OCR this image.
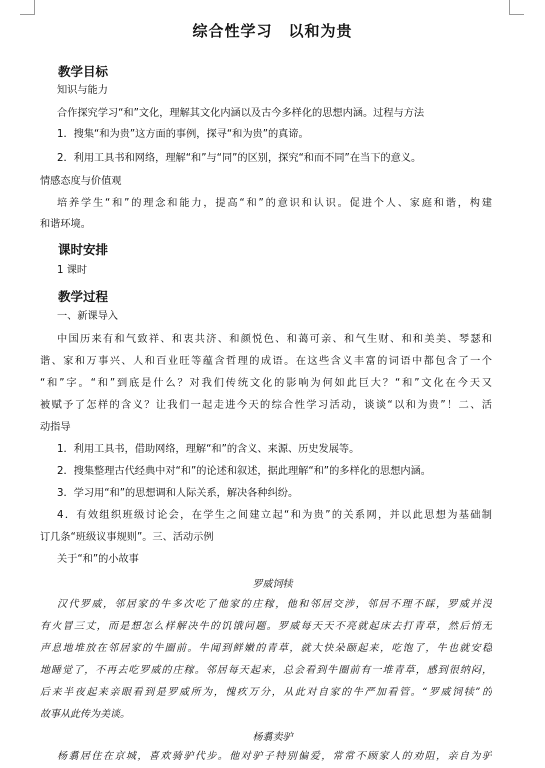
综合性学习　以和为贵
教学目标
知识与能力
合作探究学习“和”文化，理解其文化内涵以及古今多样化的思想内涵。过程与方法
1．搜集“和为贵”这方面的事例，探寻“和为贵”的真谛。
2．利用工具书和网络，理解“和”与“同”的区别，探究“和而不同”在当下的意义。
情感态度与价值观
培养学生“和”的理念和能力，提高“和”的意识和认识。促进个人、家庭和谐，构建
和谐环境。
课时安排
1 课时
教学过程
一、新课导入
中国历来有和气致祥、和衷共济、和颜悦色、和蔼可亲、和气生财、和和美美、琴瑟和
谐、家和万事兴、人和百业旺等蕴含哲理的成语。在这些含义丰富的词语中都包含了一个
“和”字。“和”到底是什么？对我们传统文化的影响为何如此巨大？“和”文化在今天又
被赋予了怎样的含义？让我们一起走进今天的综合性学习活动，谈谈“以和为贵”！二、活
动指导
1．利用工具书，借助网络，理解“和”的含义、来源、历史发展等。
2．搜集整理古代经典中对“和”的论述和叙述，据此理解“和”的多样化的思想内涵。
3．学习用“和”的思想调和人际关系，解决各种纠纷。
4．有效组织班级讨论会，在学生之间建立起“和为贵”的关系网，并以此思想为基础制
订几条“班级议事规则”。三、活动示例
关于“和”的小故事
罗威饲犊
汉代罗威，邻居家的牛多次吃了他家的庄稼，他和邻居交涉，邻居不理不睬，罗威并没
有火冒三丈，而是想怎么样解决牛的饥饿问题。罗威每天天不亮就起床去打青草，然后悄无
声息地堆放在邻居家的牛圈前。牛闻到鲜嫩的青草，就大快朵颐起来，吃饱了，牛也就安稳
地睡觉了，不再去吃罗威的庄稼。邻居每天起来，总会看到牛圈前有一堆青草，感到很纳闷，
后来半夜起来亲眼看到是罗威所为，愧疚万分，从此对自家的牛严加看管。“罗威饲犊”的
故事从此传为美谈。
杨翥卖驴
杨翥居住在京城，喜欢骑驴代步。他对驴子特别偏爱，常常不顾家人的劝阻，亲自为驴
